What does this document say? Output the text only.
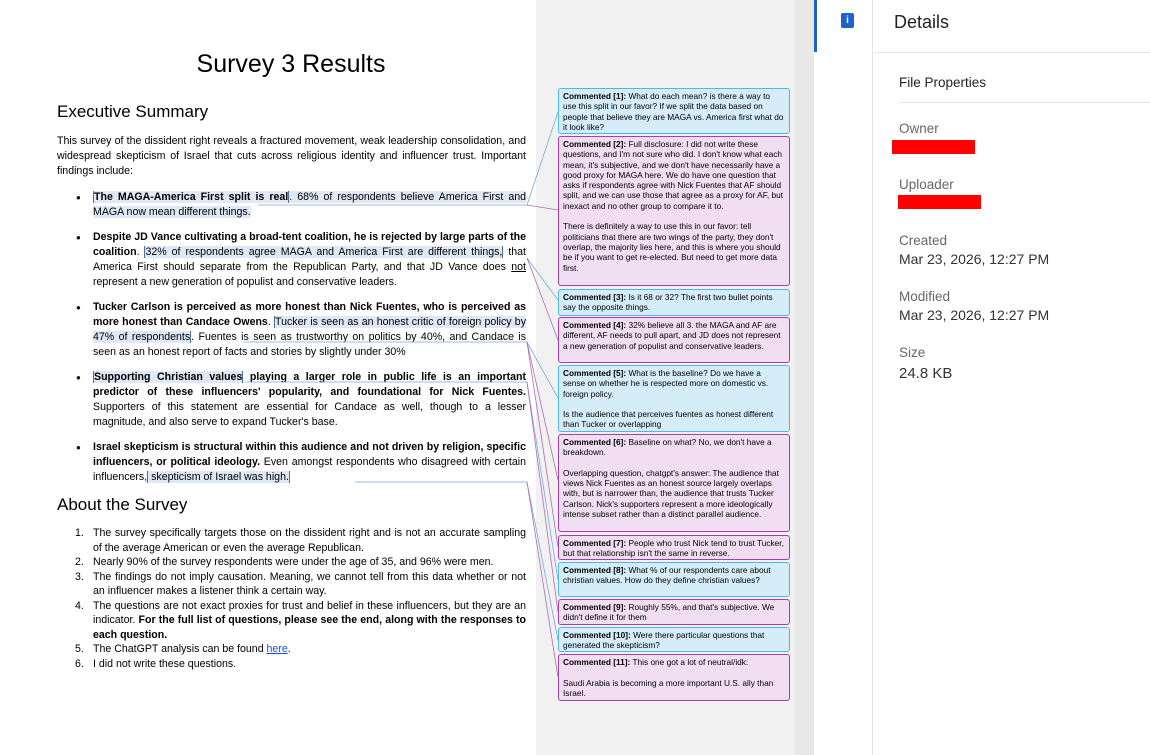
Survey 3 Results
Executive Summary
This survey of the dissident right reveals a fractured movement, weak leadership consolidation, and widespread skepticism of Israel that cuts across religious identity and influencer trust. Important findings include:
● The MAGA-America First split is real. 68% of respondents believe America First and MAGA now mean different things.
● Despite JD Vance cultivating a broad-tent coalition, he is rejected by large parts of the coalition. 32% of respondents agree MAGA and America First are different things, that America First should separate from the Republican Party, and that JD Vance does not represent a new generation of populist and conservative leaders.
● Tucker Carlson is perceived as more honest than Nick Fuentes, who is perceived as more honest than Candace Owens. Tucker is seen as an honest critic of foreign policy by 47% of respondents. Fuentes is seen as trustworthy on politics by 40%, and Candace is seen as an honest report of facts and stories by slightly under 30%
● Supporting Christian values playing a larger role in public life is an important predictor of these influencers' popularity, and foundational for Nick Fuentes. Supporters of this statement are essential for Candace as well, though to a lesser magnitude, and also serve to expand Tucker's base.
● Israel skepticism is structural within this audience and not driven by religion, specific influencers, or political ideology. Even amongst respondents who disagreed with certain influencers, skepticism of Israel was high.
About the Survey
1. The survey specifically targets those on the dissident right and is not an accurate sampling of the average American or even the average Republican.
2. Nearly 90% of the survey respondents were under the age of 35, and 96% were men.
3. The findings do not imply causation. Meaning, we cannot tell from this data whether or not an influencer makes a listener think a certain way.
4. The questions are not exact proxies for trust and belief in these influencers, but they are an indicator. For the full list of questions, please see the end, along with the responses to each question.
5. The ChatGPT analysis can be found here.
6. I did not write these questions.
Commented [1]: What do each mean? is there a way to use this split in our favor? If we split the data based on people that believe they are MAGA vs. America first what do it look like?
Commented [2]: Full disclosure: I did not write these questions, and I'm not sure who did. I don't know what each mean, it's subjective, and we don't have necessarily have a good proxy for MAGA here. We do have one question that asks if respondents agree with Nick Fuentes that AF should split, and we can use those that agree as a proxy for AF, but inexact and no other group to compare it to.

There is definitely a way to use this in our favor: tell politicians that there are two wings of the party, they don't overlap, the majority lies here, and this is where you should be if you want to get re-elected. But need to get more data first.
Commented [3]: Is it 68 or 32? The first two bullet points say the opposite things.
Commented [4]: 32% believe all 3. the MAGA and AF are different, AF needs to pull apart, and JD does not represent a new generation of populist and conservative leaders.
Commented [5]: What is the baseline? Do we have a sense on whether he is respected more on domestic vs. foreign policy.

Is the audience that perceives fuentes as honest different than Tucker or overlapping
Commented [6]: Baseline on what? No, we don't have a breakdown.

Overlapping question, chatgpt's answer: The audience that views Nick Fuentes as an honest source largely overlaps with, but is narrower than, the audience that trusts Tucker Carlson. Nick's supporters represent a more ideologically intense subset rather than a distinct parallel audience.
Commented [7]: People who trust Nick tend to trust Tucker, but that relationship isn't the same in reverse.
Commented [8]: What % of our respondents care about christian values. How do they define christian values?
Commented [9]: Roughly 55%, and that's subjective. We didn't define it for them
Commented [10]: Were there particular questions that generated the skepticism?
Commented [11]: This one got a lot of neutral/idk:

Saudi Arabia is becoming a more important U.S. ally than Israel.
i	Details
File Properties
Owner
Uploader
Created
Mar 23, 2026, 12:27 PM
Modified
Mar 23, 2026, 12:27 PM
Size
24.8 KB
